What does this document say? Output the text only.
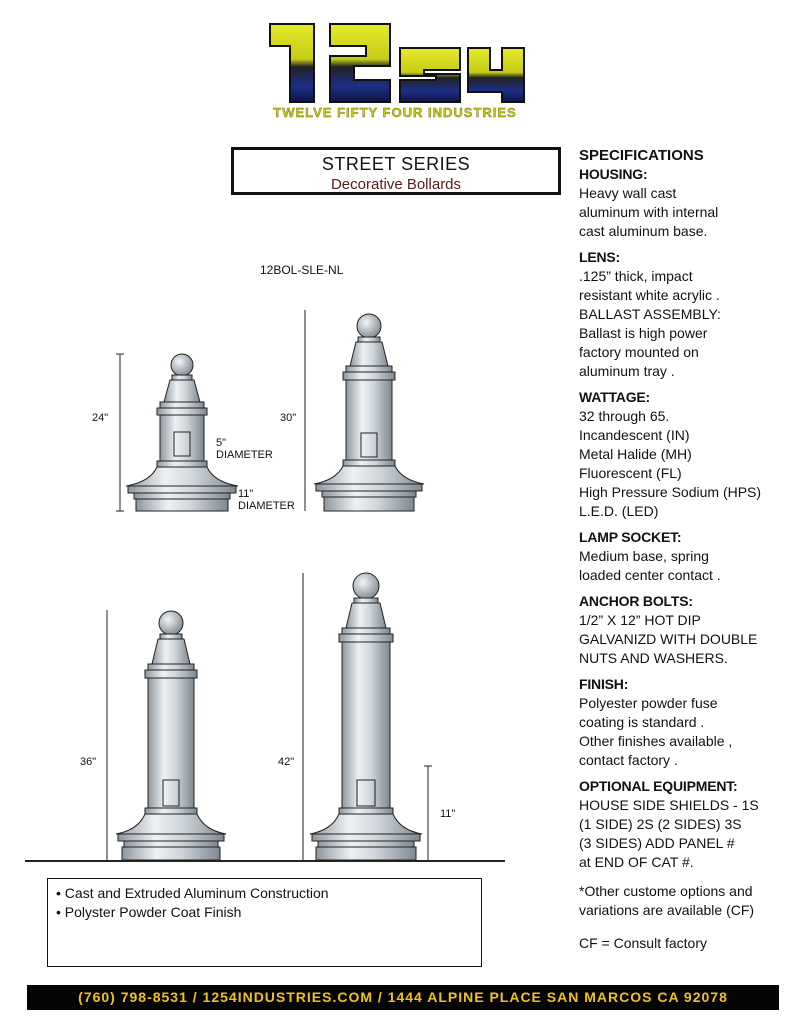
TWELVE FIFTY FOUR INDUSTRIES
STREET SERIES
Decorative Bollards
12BOL-SLE-NL
24"
5"
DIAMETER
11"
DIAMETER
30"
36"	42"
11"
SPECIFICATIONS
HOUSING:
Heavy wall cast
aluminum with internal
cast aluminum base.
LENS:
.125” thick, impact
resistant white acrylic .
BALLAST ASSEMBLY:
Ballast is high power
factory mounted on
aluminum tray .
WATTAGE:
32 through 65.
Incandescent (IN)
Metal Halide (MH)
Fluorescent (FL)
High Pressure Sodium (HPS)
L.E.D. (LED)
LAMP SOCKET:
Medium base, spring
loaded center contact .
ANCHOR BOLTS:
1/2” X 12” HOT DIP
GALVANIZD WITH DOUBLE
NUTS AND WASHERS.
FINISH:
Polyester powder fuse
coating is standard .
Other finishes available ,
contact factory .
OPTIONAL EQUIPMENT:
HOUSE SIDE SHIELDS - 1S
(1 SIDE) 2S (2 SIDES) 3S
(3 SIDES) ADD PANEL #
at END OF CAT #.
*Other custome options and
variations are available (CF)
CF = Consult factory
• Cast and Extruded Aluminum Construction
• Polyster Powder Coat Finish
(760) 798-8531 / 1254INDUSTRIES.COM / 1444 ALPINE PLACE SAN MARCOS CA 92078
